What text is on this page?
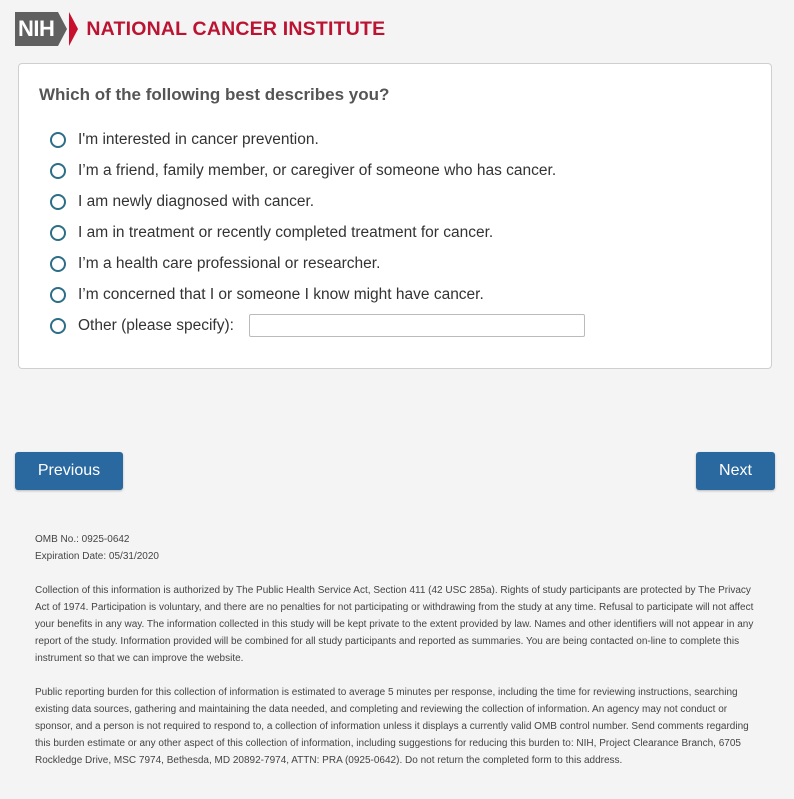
NIH NATIONAL CANCER INSTITUTE
Which of the following best describes you?
I'm interested in cancer prevention.
I’m a friend, family member, or caregiver of someone who has cancer.
I am newly diagnosed with cancer.
I am in treatment or recently completed treatment for cancer.
I’m a health care professional or researcher.
I’m concerned that I or someone I know might have cancer.
Other (please specify):
Previous	Next
OMB No.: 0925-0642

Expiration Date: 05/31/2020

Collection of this information is authorized by The Public Health Service Act, Section 411 (42 USC 285a). Rights of study participants are protected by The Privacy Act of 1974. Participation is voluntary, and there are no penalties for not participating or withdrawing from the study at any time. Refusal to participate will not affect your benefits in any way. The information collected in this study will be kept private to the extent provided by law. Names and other identifiers will not appear in any report of the study. Information provided will be combined for all study participants and reported as summaries. You are being contacted on-line to complete this instrument so that we can improve the website.

Public reporting burden for this collection of information is estimated to average 5 minutes per response, including the time for reviewing instructions, searching existing data sources, gathering and maintaining the data needed, and completing and reviewing the collection of information. An agency may not conduct or sponsor, and a person is not required to respond to, a collection of information unless it displays a currently valid OMB control number. Send comments regarding this burden estimate or any other aspect of this collection of information, including suggestions for reducing this burden to: NIH, Project Clearance Branch, 6705 Rockledge Drive, MSC 7974, Bethesda, MD 20892-7974, ATTN: PRA (0925-0642). Do not return the completed form to this address.
